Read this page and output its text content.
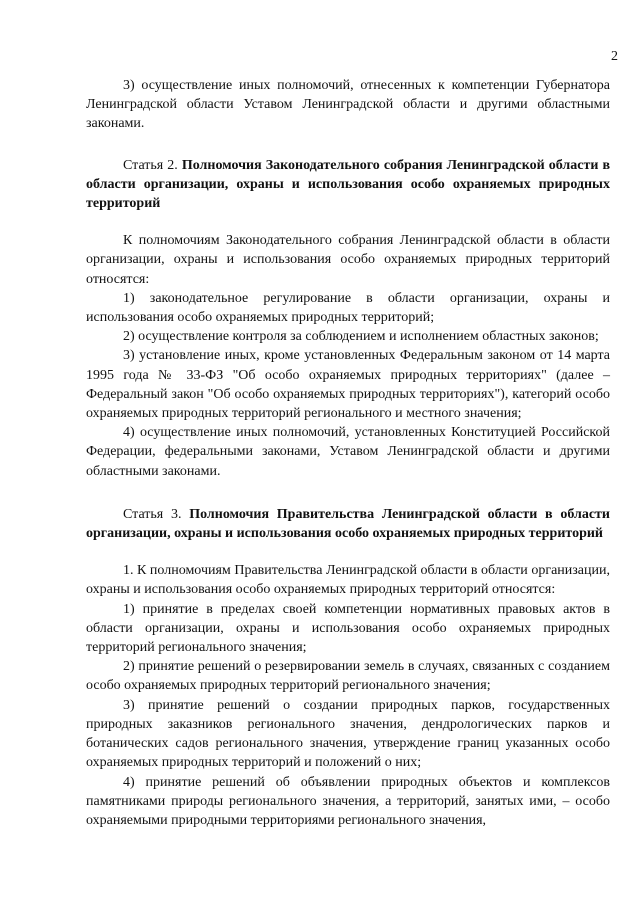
2

3) осуществление иных полномочий, отнесенных к компетенции Губернатора Ленинградской области Уставом Ленинградской области и другими областными законами.

Статья 2. Полномочия Законодательного собрания Ленинградской области в области организации, охраны и использования особо охраняемых природных территорий

К полномочиям Законодательного собрания Ленинградской области в области организации, охраны и использования особо охраняемых природных территорий относятся:

1) законодательное регулирование в области организации, охраны и использования особо охраняемых природных территорий;

2) осуществление контроля за соблюдением и исполнением областных законов;

3) установление иных, кроме установленных Федеральным законом от 14 марта 1995 года № 33-ФЗ "Об особо охраняемых природных территориях" (далее – Федеральный закон "Об особо охраняемых природных территориях"), категорий особо охраняемых природных территорий регионального и местного значения;

4) осуществление иных полномочий, установленных Конституцией Российской Федерации, федеральными законами, Уставом Ленинградской области и другими областными законами.

Статья 3. Полномочия Правительства Ленинградской области в области организации, охраны и использования особо охраняемых природных территорий

1. К полномочиям Правительства Ленинградской области в области организации, охраны и использования особо охраняемых природных территорий относятся:

1) принятие в пределах своей компетенции нормативных правовых актов в области организации, охраны и использования особо охраняемых природных территорий регионального значения;

2) принятие решений о резервировании земель в случаях, связанных с созданием особо охраняемых природных территорий регионального значения;

3) принятие решений о создании природных парков, государственных природных заказников регионального значения, дендрологических парков и ботанических садов регионального значения, утверждение границ указанных особо охраняемых природных территорий и положений о них;

4) принятие решений об объявлении природных объектов и комплексов памятниками природы регионального значения, а территорий, занятых ими, – особо охраняемыми природными территориями регионального значения,
